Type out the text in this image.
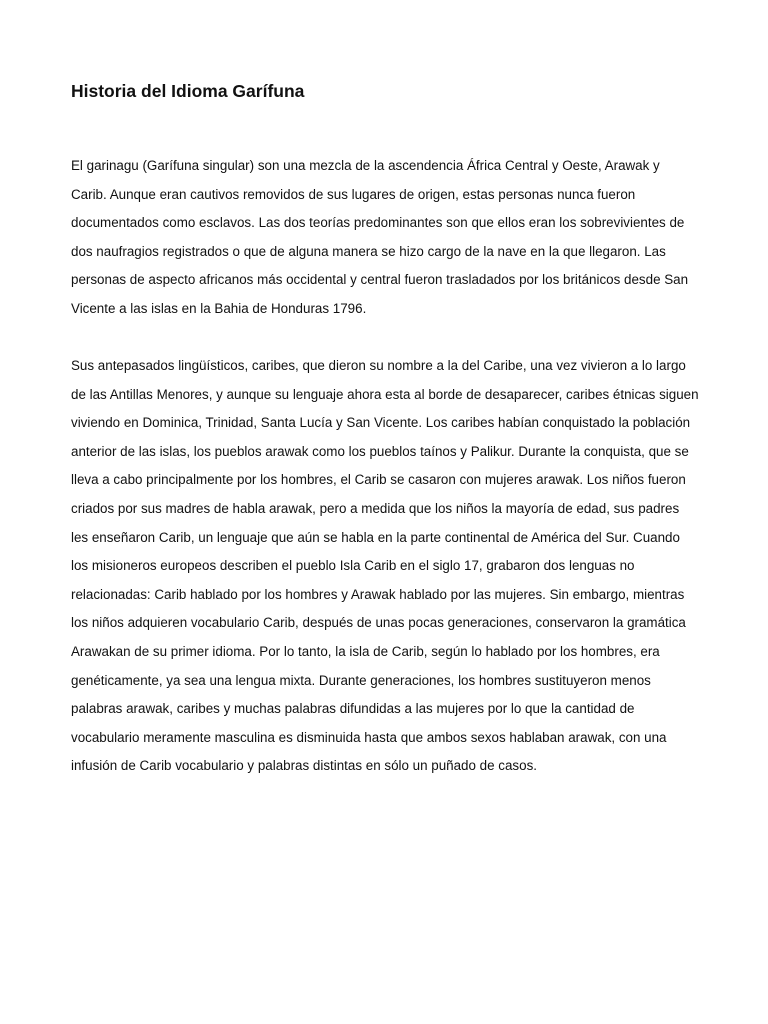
Historia del Idioma Garífuna

El garinagu (Garífuna singular) son una mezcla de la ascendencia África Central y Oeste, Arawak y Carib. Aunque eran cautivos removidos de sus lugares de origen, estas personas nunca fueron documentados como esclavos. Las dos teorías predominantes son que ellos eran los sobrevivientes de dos naufragios registrados o que de alguna manera se hizo cargo de la nave en la que llegaron. Las personas de aspecto africanos más occidental y central fueron trasladados por los británicos desde San Vicente a las islas en la Bahia de Honduras 1796.

Sus antepasados lingüísticos, caribes, que dieron su nombre a la del Caribe, una vez vivieron a lo largo de las Antillas Menores, y aunque su lenguaje ahora esta al borde de desaparecer, caribes étnicas siguen viviendo en Dominica, Trinidad, Santa Lucía y San Vicente. Los caribes habían conquistado la población anterior de las islas, los pueblos arawak como los pueblos taínos y Palikur. Durante la conquista, que se lleva a cabo principalmente por los hombres, el Carib se casaron con mujeres arawak. Los niños fueron criados por sus madres de habla arawak, pero a medida que los niños la mayoría de edad, sus padres les enseñaron Carib, un lenguaje que aún se habla en la parte continental de América del Sur. Cuando los misioneros europeos describen el pueblo Isla Carib en el siglo 17, grabaron dos lenguas no relacionadas: Carib hablado por los hombres y Arawak hablado por las mujeres. Sin embargo, mientras los niños adquieren vocabulario Carib, después de unas pocas generaciones, conservaron la gramática Arawakan de su primer idioma. Por lo tanto, la isla de Carib, según lo hablado por los hombres, era genéticamente, ya sea una lengua mixta. Durante generaciones, los hombres sustituyeron menos palabras arawak, caribes y muchas palabras difundidas a las mujeres por lo que la cantidad de vocabulario meramente masculina es disminuida hasta que ambos sexos hablaban arawak, con una infusión de Carib vocabulario y palabras distintas en sólo un puñado de casos.
